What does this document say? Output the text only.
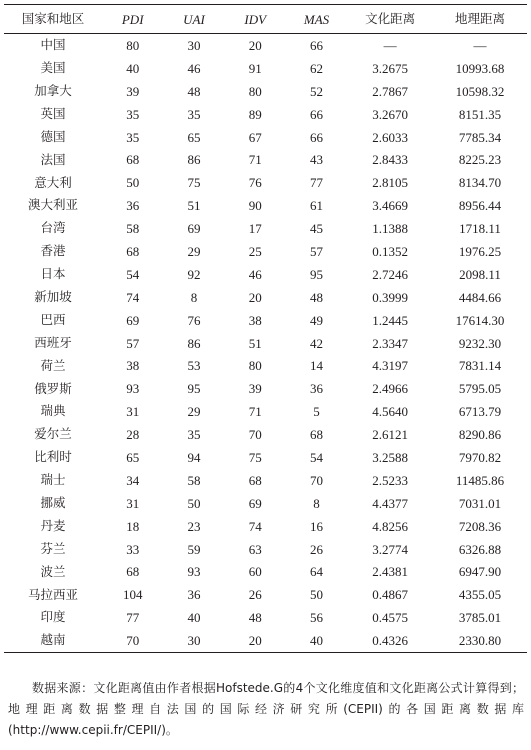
国家和地区	PDI	UAI	IDV	MAS	文化距离	地理距离
中国	80	30	20	66	—	—
美国	40	46	91	62	3.2675	10993.68
加拿大	39	48	80	52	2.7867	10598.32
英国	35	35	89	66	3.2670	8151.35
德国	35	65	67	66	2.6033	7785.34
法国	68	86	71	43	2.8433	8225.23
意大利	50	75	76	77	2.8105	8134.70
澳大利亚	36	51	90	61	3.4669	8956.44
台湾	58	69	17	45	1.1388	1718.11
香港	68	29	25	57	0.1352	1976.25
日本	54	92	46	95	2.7246	2098.11
新加坡	74	8	20	48	0.3999	4484.66
巴西	69	76	38	49	1.2445	17614.30
西班牙	57	86	51	42	2.3347	9232.30
荷兰	38	53	80	14	4.3197	7831.14
俄罗斯	93	95	39	36	2.4966	5795.05
瑞典	31	29	71	5	4.5640	6713.79
爱尔兰	28	35	70	68	2.6121	8290.86
比利时	65	94	75	54	3.2588	7970.82
瑞士	34	58	68	70	2.5233	11485.86
挪威	31	50	69	8	4.4377	7031.01
丹麦	18	23	74	16	4.8256	7208.36
芬兰	33	59	63	26	3.2774	6326.88
波兰	68	93	60	64	2.4381	6947.90
马拉西亚	104	36	26	50	0.4867	4355.05
印度	77	40	48	56	0.4575	3785.01
越南	70	30	20	40	0.4326	2330.80

数据来源：文化距离值由作者根据Hofstede.G的4个文化维度值和文化距离公式计算得到；地理距离数据整理自法国的国际经济研究所(CEPII)的各国距离数据库(http://www.cepii.fr/CEPII/)。
